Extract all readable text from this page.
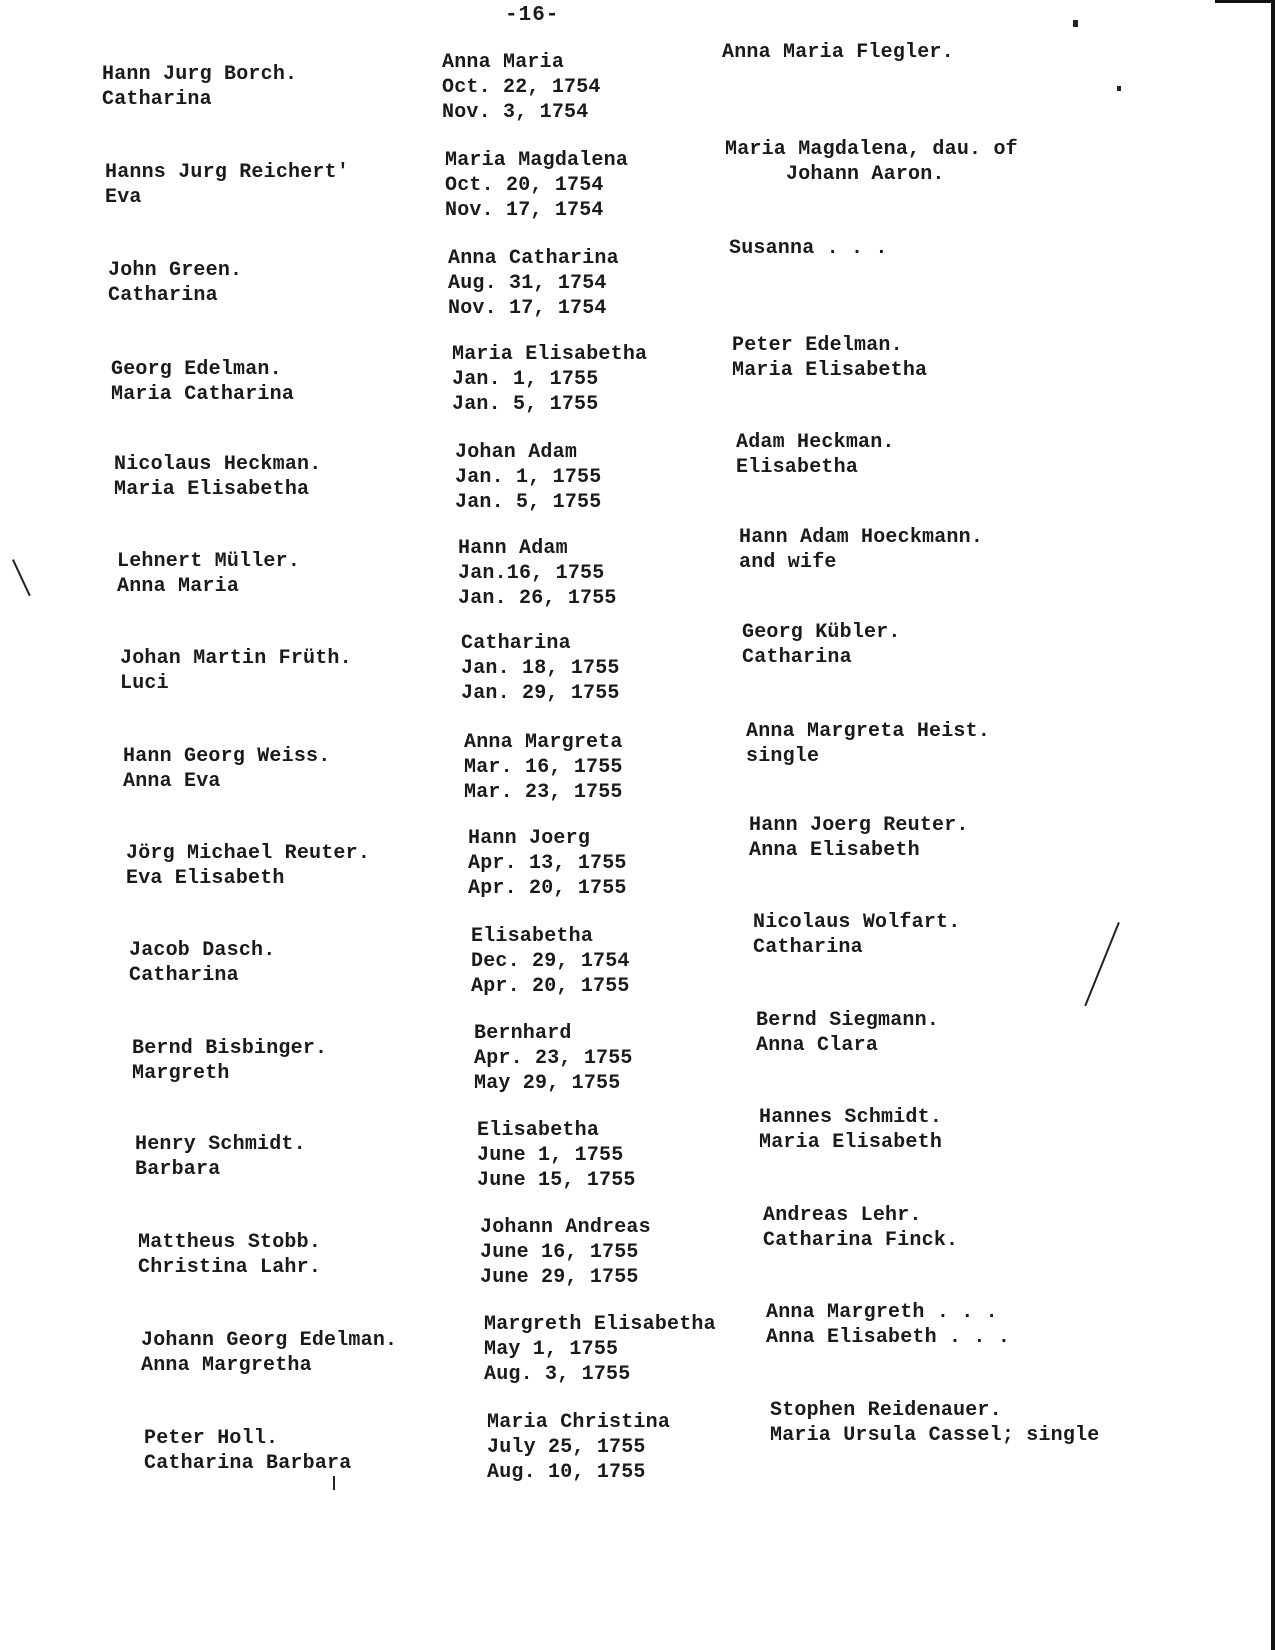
-16-
Hann Jurg Borch.
Catharina
Anna Maria
Oct. 22, 1754
Nov. 3, 1754
Anna Maria Flegler.
Hanns Jurg Reichert'
Eva
Maria Magdalena
Oct. 20, 1754
Nov. 17, 1754
Maria Magdalena, dau. of
Johann Aaron.
John Green.
Catharina
Anna Catharina
Aug. 31, 1754
Nov. 17, 1754
Susanna . . .
Georg Edelman.
Maria Catharina
Maria Elisabetha
Jan. 1, 1755
Jan. 5, 1755
Peter Edelman.
Maria Elisabetha
Nicolaus Heckman.
Maria Elisabetha
Johan Adam
Jan. 1, 1755
Jan. 5, 1755
Adam Heckman.
Elisabetha
Lehnert Müller.
Anna Maria
Hann Adam
Jan.16, 1755
Jan. 26, 1755
Hann Adam Hoeckmann.
and wife
Johan Martin Früth.
Luci
Catharina
Jan. 18, 1755
Jan. 29, 1755
Georg Kübler.
Catharina
Hann Georg Weiss.
Anna Eva
Anna Margreta
Mar. 16, 1755
Mar. 23, 1755
Anna Margreta Heist.
single
Jörg Michael Reuter.
Eva Elisabeth
Hann Joerg
Apr. 13, 1755
Apr. 20, 1755
Hann Joerg Reuter.
Anna Elisabeth
Jacob Dasch.
Catharina
Elisabetha
Dec. 29, 1754
Apr. 20, 1755
Nicolaus Wolfart.
Catharina
Bernd Bisbinger.
Margreth
Bernhard
Apr. 23, 1755
May 29, 1755
Bernd Siegmann.
Anna Clara
Henry Schmidt.
Barbara
Elisabetha
June 1, 1755
June 15, 1755
Hannes Schmidt.
Maria Elisabeth
Mattheus Stobb.
Christina Lahr.
Johann Andreas
June 16, 1755
June 29, 1755
Andreas Lehr.
Catharina Finck.
Johann Georg Edelman.
Anna Margretha
Margreth Elisabetha
May 1, 1755
Aug. 3, 1755
Anna Margreth . . .
Anna Elisabeth . . .
Peter Holl.
Catharina Barbara
Maria Christina
July 25, 1755
Aug. 10, 1755
Stophen Reidenauer.
Maria Ursula Cassel; single
